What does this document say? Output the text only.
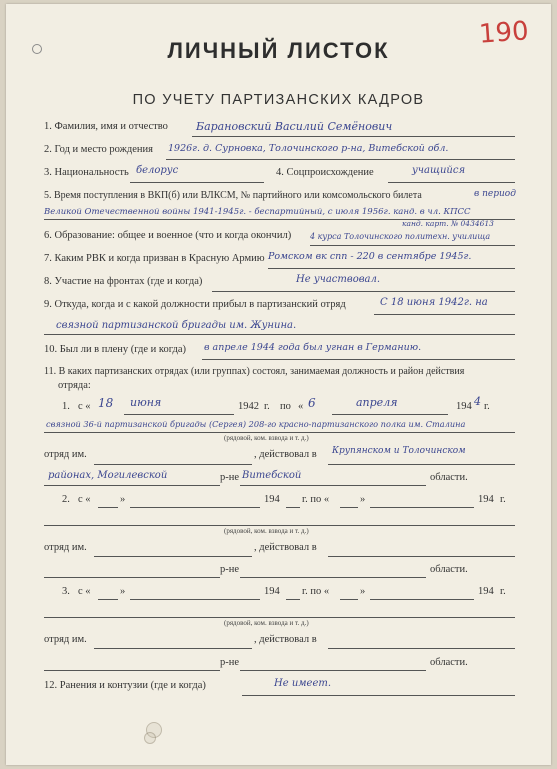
190
ЛИЧНЫЙ ЛИСТОК
ПО УЧЕТУ ПАРТИЗАНСКИХ КАДРОВ
1. Фамилия, имя и отчество	Барановский Василий Семёнович
2. Год и место рождения 1926г. д. Сурновка, Толочинского р-на, Витебской обл.
3. Национальность белорус	4. Соцпроисхождение	учащийся
5. Время поступления в ВКП(б) или ВЛКСМ, № партийного или комсомольского билета	в период
Великой Отечественной войны 1941-1945г. - беспартийный, с июля 1956г. канд. в чл. КПСС
канд. карт. № 0434613
6. Образование: общее и военное (что и когда окончил) 4 курса Толочинского политехн. училища
7. Каким РВК и когда призван в Красную Армию Ромском вк спп - 220 в сентябре 1945г.
8. Участие на фронтах (где и когда)	Не участвовал.
9. Откуда, когда и с какой должности прибыл в партизанский отряд	С 18 июня 1942г. на
связной партизанской бригады им. Жунина.
10. Был ли в плену (где и когда) в апреле 1944 года был угнан в Германию.
11. В каких партизанских отрядах (или группах) состоял, занимаемая должность и район действия
отряда:
1. с « 18 июня	1942 г. по « 6	апреля	194 4 г.
связной 36-й партизанской бригады (Сергея) 208-го красно-партизанского полка им. Сталина
(рядовой, ком. взвода и т. д.)
отряд им.	, действовал в Крупянском и Толочинском
районах, Могилевской	р-не Витебской	области.
2. с «	»	194 г. по «	»	194 г.
(рядовой, ком. взвода и т. д.)
отряд им.	, действовал в
р-не	области.
3. с «	»	194 г. по «	»	194 г.
(рядовой, ком. взвода и т. д.)
отряд им.	, действовал в
р-не	области.
12. Ранения и контузии (где и когда)	Не имеет.
